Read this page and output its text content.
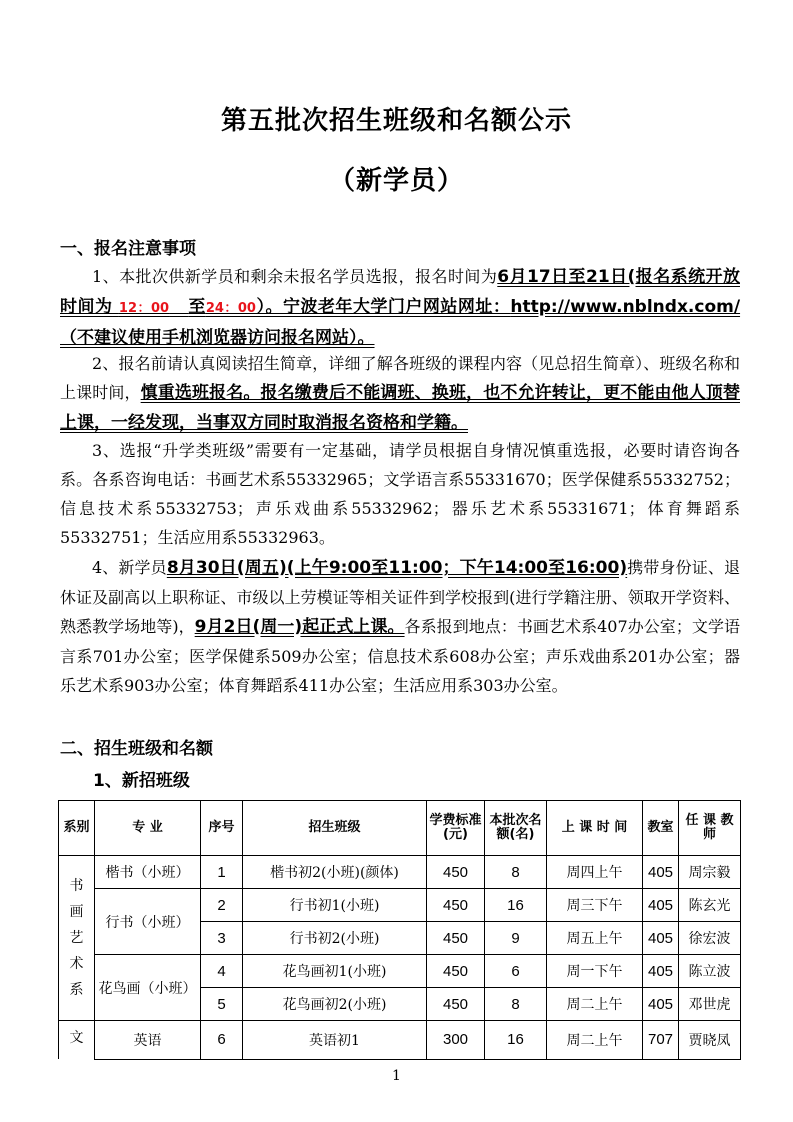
第五批次招生班级和名额公示
（新学员）
一、报名注意事项
1、本批次供新学员和剩余未报名学员选报，报名时间为6月17日至21日(报名系统开放时间为 12：00 至24：00）。宁波老年大学门户网站网址：http://www.nblndx.com/（不建议使用手机浏览器访问报名网站）。
2、报名前请认真阅读招生简章，详细了解各班级的课程内容（见总招生简章）、班级名称和上课时间，慎重选班报名。报名缴费后不能调班、换班，也不允许转让，更不能由他人顶替上课，一经发现，当事双方同时取消报名资格和学籍。
3、选报“升学类班级”需要有一定基础，请学员根据自身情况慎重选报，必要时请咨询各系。各系咨询电话：书画艺术系55332965；文学语言系55331670；医学保健系55332752；信息技术系55332753；声乐戏曲系55332962；器乐艺术系55331671；体育舞蹈系55332751；生活应用系55332963。
4、新学员8月30日(周五)(上午9:00至11:00；下午14:00至16:00)携带身份证、退休证及副高以上职称证、市级以上劳模证等相关证件到学校报到(进行学籍注册、领取开学资料、熟悉教学场地等)，9月2日(周一)起正式上课。各系报到地点：书画艺术系407办公室；文学语言系701办公室；医学保健系509办公室；信息技术系608办公室；声乐戏曲系201办公室；器乐艺术系903办公室；体育舞蹈系411办公室；生活应用系303办公室。
二、招生班级和名额
1、新招班级
系别	专 业	序号	招生班级	学费标准(元)	本批次名额(名)	上 课 时 间	教室	任 课 教 师
书画艺术系	楷书（小班）	1	楷书初2(小班)(颜体)	450	8	周四上午	405	周宗毅
	行书（小班）	2	行书初1(小班)	450	16	周三下午	405	陈玄光
		3	行书初2(小班)	450	9	周五上午	405	徐宏波
	花鸟画（小班）	4	花鸟画初1(小班)	450	6	周一下午	405	陈立波
		5	花鸟画初2(小班)	450	8	周二上午	405	邓世虎
文	英语	6	英语初1	300	16	周二上午	707	贾晓凤
1
